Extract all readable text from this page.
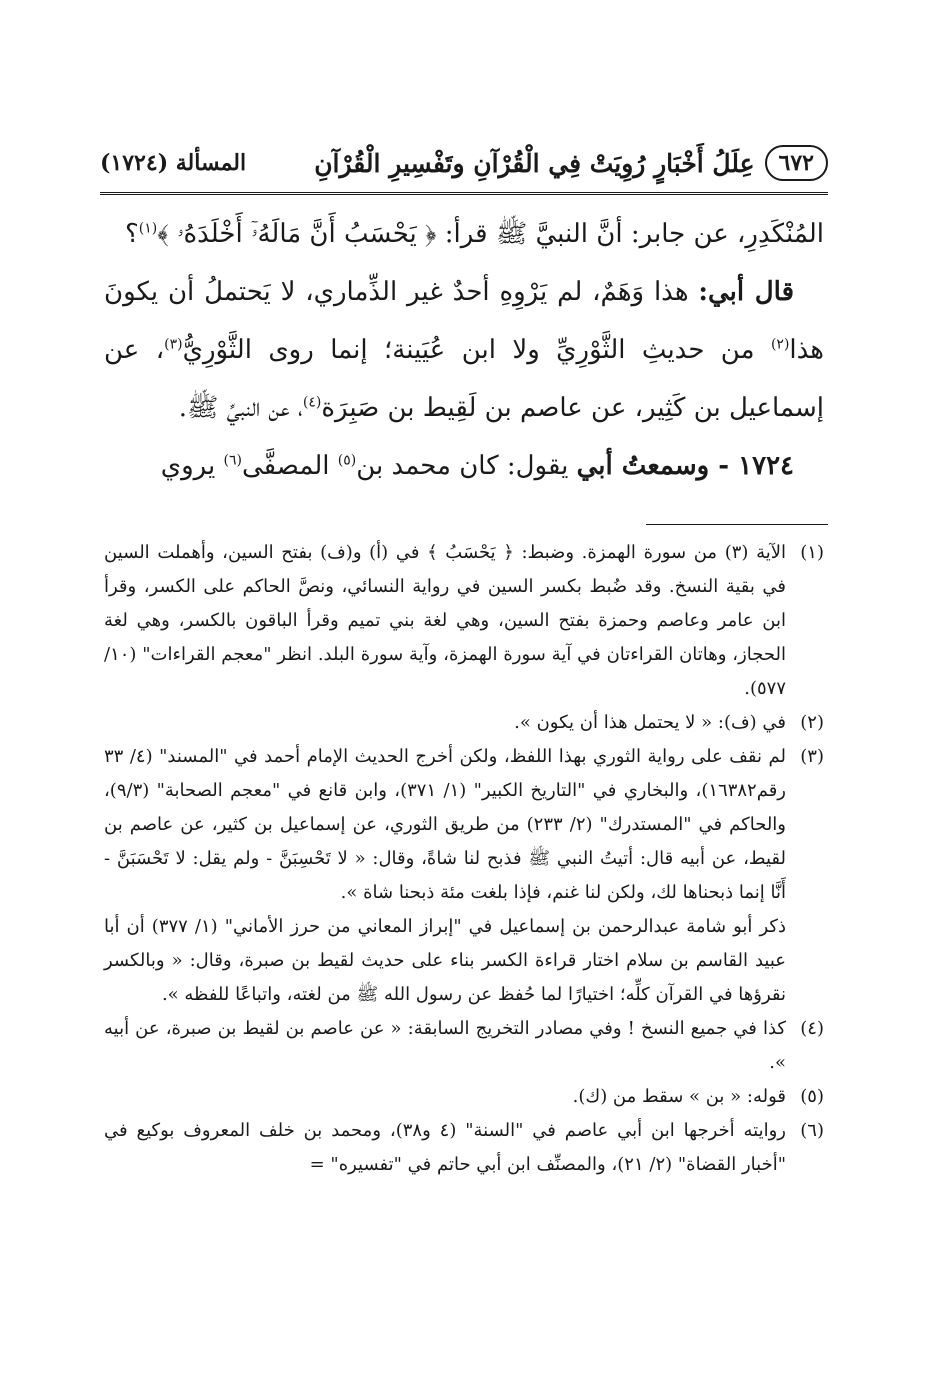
٦٧٢
عِلَلُ أَخْبَارٍ رُوِيَتْ فِي الْقُرْآنِ وتَفْسِيرِ الْقُرْآنِ
المسألة (١٧٢٤)

المُنْكَدِرِ، عن جابر: أنَّ النبيَّ ﷺ قرأ: ﴿ يَحْسَبُ أَنَّ مَالَهُۥٓ أَخْلَدَهُۥ ﴾$^{(١)}$؟

قال أبي: هذا وَهَمٌ، لم يَرْوِهِ أحدٌ غير الذِّماري، لا يَحتملُ أن يكونَ هذا$^{(٢)}$ من حديثِ الثَّوْرِيِّ ولا ابن عُيَينة؛ إنما روى الثَّوْرِيُّ$^{(٣)}$، عن إسماعيل بن كَثِير، عن عاصم بن لَقِيط بن صَبِرَة$^{(٤)}$، عن النبيِّ ﷺ.

١٧٢٤ - وسمعتُ أبي يقول: كان محمد بن$^{(٥)}$ المصفَّى$^{(٦)}$ يروي

(١)

الآية (٣) من سورة الهمزة. وضبط: ﴿ يَحْسَبُ ﴾ في (أ) و(ف) بفتح السين، وأهملت السين في بقية النسخ. وقد ضُبط بكسر السين في رواية النسائي، ونصَّ الحاكم على الكسر، وقرأ ابن عامر وعاصم وحمزة بفتح السين، وهي لغة بني تميم وقرأ الباقون بالكسر، وهي لغة الحجاز، وهاتان القراءتان في آية سورة الهمزة، وآية سورة البلد. انظر "معجم القراءات" (١٠/ ٥٧٧).

(٢)

في (ف): « لا يحتمل هذا أن يكون ».

(٣)

لم نقف على رواية الثوري بهذا اللفظ، ولكن أخرج الحديث الإمام أحمد في "المسند" (٤/ ٣٣ رقم١٦٣٨٢)، والبخاري في "التاريخ الكبير" (١/ ٣٧١)، وابن قانع في "معجم الصحابة" (٩/٣)، والحاكم في "المستدرك" (٢/ ٢٣٣) من طريق الثوري، عن إسماعيل بن كثير، عن عاصم بن لقيط، عن أبيه قال: أتيتُ النبي ﷺ فذبح لنا شاةً، وقال: « لا تَحْسِبَنَّ - ولم يقل: لا تَحْسَبَنَّ - أَنَّا إنما ذبحناها لك، ولكن لنا غنم، فإذا بلغت مئة ذبحنا شاة ».

ذكر أبو شامة عبدالرحمن بن إسماعيل في "إبراز المعاني من حرز الأماني" (١/ ٣٧٧) أن أبا عبيد القاسم بن سلام اختار قراءة الكسر بناء على حديث لقيط بن صبرة، وقال: « وبالكسر نقرؤها في القرآن كلِّه؛ اختيارًا لما حُفظ عن رسول الله ﷺ من لغته، واتباعًا للفظه ».

(٤)

كذا في جميع النسخ ! وفي مصادر التخريج السابقة: « عن عاصم بن لقيط بن صبرة، عن أبيه ».

(٥)

قوله: « بن » سقط من (ك).

(٦)

روايته أخرجها ابن أبي عاصم في "السنة" (٤ و٣٨)، ومحمد بن خلف المعروف بوكيع في "أخبار القضاة" (٢/ ٢١)، والمصنِّف ابن أبي حاتم في "تفسيره" =
